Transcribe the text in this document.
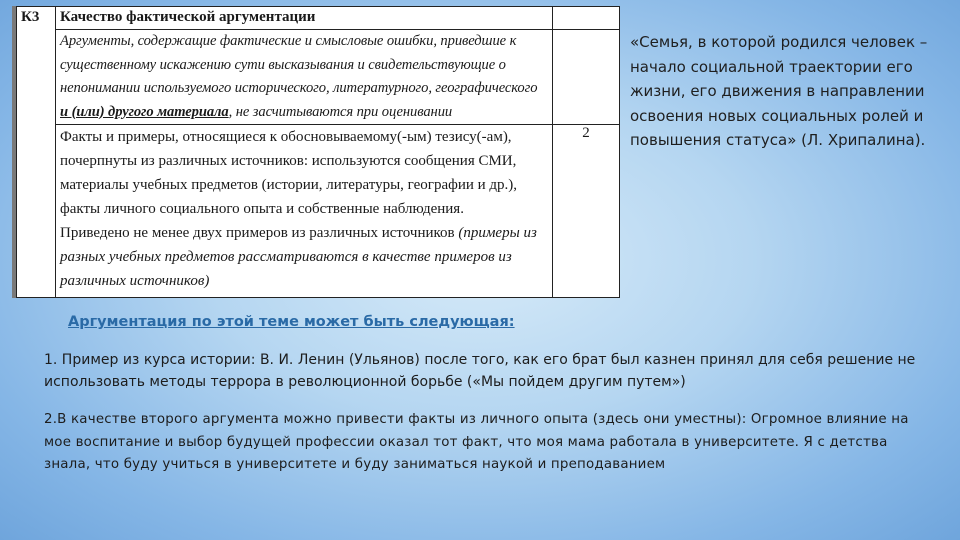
К3	Качество фактической аргументации	
	Аргументы, содержащие фактические и смысловые ошибки, приведшие к существенному искажению сути высказывания и свидетельствующие о непонимании используемого исторического, литературного, географического и (или) другого материала, не засчитываются при оценивании	

	Факты и примеры, относящиеся к обосновываемому(-ым) тезису(-ам), почерпнуты из различных источников: используются сообщения СМИ, материалы учебных предметов (истории, литературы, географии и др.), факты личного социального опыта и собственные наблюдения.
Приведено не менее двух примеров из различных источников (примеры из разных учебных предметов рассматриваются в качестве примеров из различных источников)	2
«Семья, в которой родился человек – начало социальной траектории его жизни, его движения в направлении освоения новых социальных ролей и повышения статуса» (Л. Хрипалина).
Аргументация по этой теме может быть следующая:
1. Пример из курса истории: В. И. Ленин (Ульянов) после того, как его брат был казнен принял для себя решение не использовать методы террора в революционной борьбе («Мы пойдем другим путем»)
2.В качестве второго аргумента можно привести факты из личного опыта (здесь они уместны): Огромное влияние на мое воспитание и выбор будущей профессии оказал тот факт, что моя мама работала в университете. Я с детства знала, что буду учиться в университете и буду заниматься наукой и преподаванием
